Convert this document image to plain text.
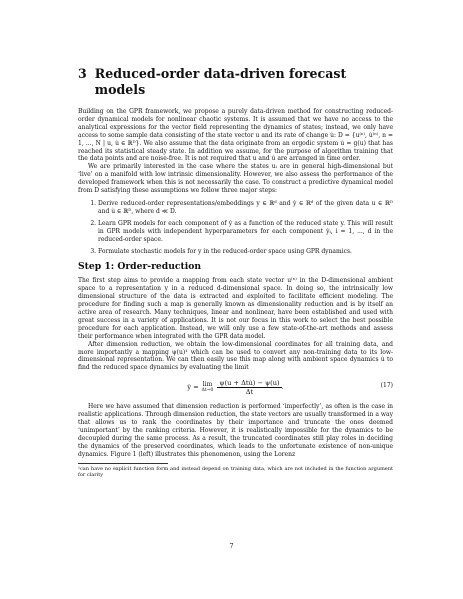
3 Reduced-order data-driven forecast models

Building on the GPR framework, we propose a purely data-driven method for constructing reduced-order dynamical models for nonlinear chaotic systems. It is assumed that we have no access to the analytical expressions for the vector field representing the dynamics of states; instead, we only have access to some sample data consisting of the state vector u and its rate of change u̇: D = {u⁽ⁿ⁾, u̇⁽ⁿ⁾, n = 1, ..., N | u, u̇ ∈ ℝᴰ}. We also assume that the data originate from an ergodic system u̇ = g(u) that has reached its statistical steady state. In addition we assume, for the purpose of algorithm training that the data points and are noise-free. It is not required that u and u̇ are arranged in time order.

We are primarily interested in the case where the states uᵢ are in general high-dimensional but ‘live’ on a manifold with low intrinsic dimensionality. However, we also assess the performance of the developed framework when this is not necessarily the case. To construct a predictive dynamical model from D satisfying these assumptions we follow three major steps:

1. Derive reduced-order representations/embeddings y ∈ ℝᵈ and ẏ ∈ ℝᵈ of the given data u ∈ ℝᴰ and u̇ ∈ ℝᴰ, where d ≪ D.
2. Learn GPR models for each component of ẏ as a function of the reduced state y. This will result in GPR models with independent hyperparameters for each component ẏᵢ, i = 1, ..., d in the reduced-order space.
3. Formulate stochastic models for y in the reduced-order space using GPR dynamics.
Step 1: Order-reduction

The first step aims to provide a mapping from each state vector u⁽ⁿ⁾ in the D-dimensional ambient space to a representation y in a reduced d-dimensional space. In doing so, the intrinsically low dimensional structure of the data is extracted and exploited to facilitate efficient modeling. The procedure for finding such a map is generally known as dimensionality reduction and is by itself an active area of research. Many techniques, linear and nonlinear, have been established and used with great success in a variety of applications. It is not our focus in this work to select the best possible procedure for each application. Instead, we will only use a few state-of-the-art methods and assess their performance when integrated with the GPR data model.

After dimension reduction, we obtain the low-dimensional coordinates for all training data, and more importantly a mapping ψ(u)¹ which can be used to convert any non-training data to its low-dimensional representation. We can then easily use this map along with ambient space dynamics u̇ to find the reduced space dynamics by evaluating the limit

ẏ = lim
$\Delta t\to 0 \frac{\text{ψ(u + Δtu̇) − ψ(u)}}{\Delta t}$ .	(17)

Here we have assumed that dimension reduction is performed ‘imperfectly’, as often is the case in realistic applications. Through dimension reduction, the state vectors are usually transformed in a way that allows us to rank the coordinates by their importance and truncate the ones deemed ‘unimportant’ by the ranking criteria. However, it is realistically impossible for the dynamics to be decoupled during the same process. As a result, the truncated coordinates still play roles in deciding the dynamics of the preserved coordinates, which leads to the unfortunate existence of non-unique dynamics. Figure 1 (left) illustrates this phenomenon, using the Lorenz

¹can have no explicit function form and instead depend on training data, which are not included in the function argument for clarity
7
